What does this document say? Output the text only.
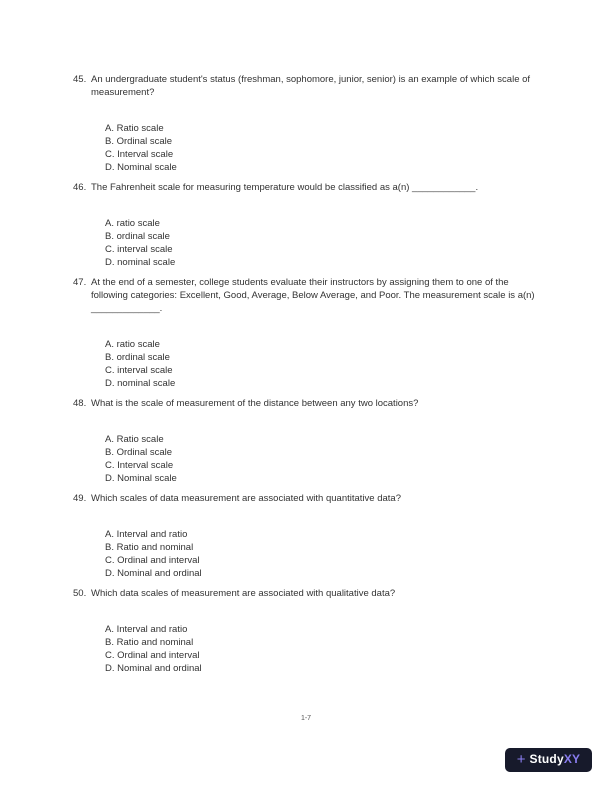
45. An undergraduate student's status (freshman, sophomore, junior, senior) is an example of which scale of measurement?
A. Ratio scale
B. Ordinal scale
C. Interval scale
D. Nominal scale
46. The Fahrenheit scale for measuring temperature would be classified as a(n) ____________.
A. ratio scale
B. ordinal scale
C. interval scale
D. nominal scale
47. At the end of a semester, college students evaluate their instructors by assigning them to one of the following categories: Excellent, Good, Average, Below Average, and Poor. The measurement scale is a(n) _____________.
A. ratio scale
B. ordinal scale
C. interval scale
D. nominal scale
48. What is the scale of measurement of the distance between any two locations?
A. Ratio scale
B. Ordinal scale
C. Interval scale
D. Nominal scale
49. Which scales of data measurement are associated with quantitative data?
A. Interval and ratio
B. Ratio and nominal
C. Ordinal and interval
D. Nominal and ordinal
50. Which data scales of measurement are associated with qualitative data?
A. Interval and ratio
B. Ratio and nominal
C. Ordinal and interval
D. Nominal and ordinal
1-7
+ StudyXY
